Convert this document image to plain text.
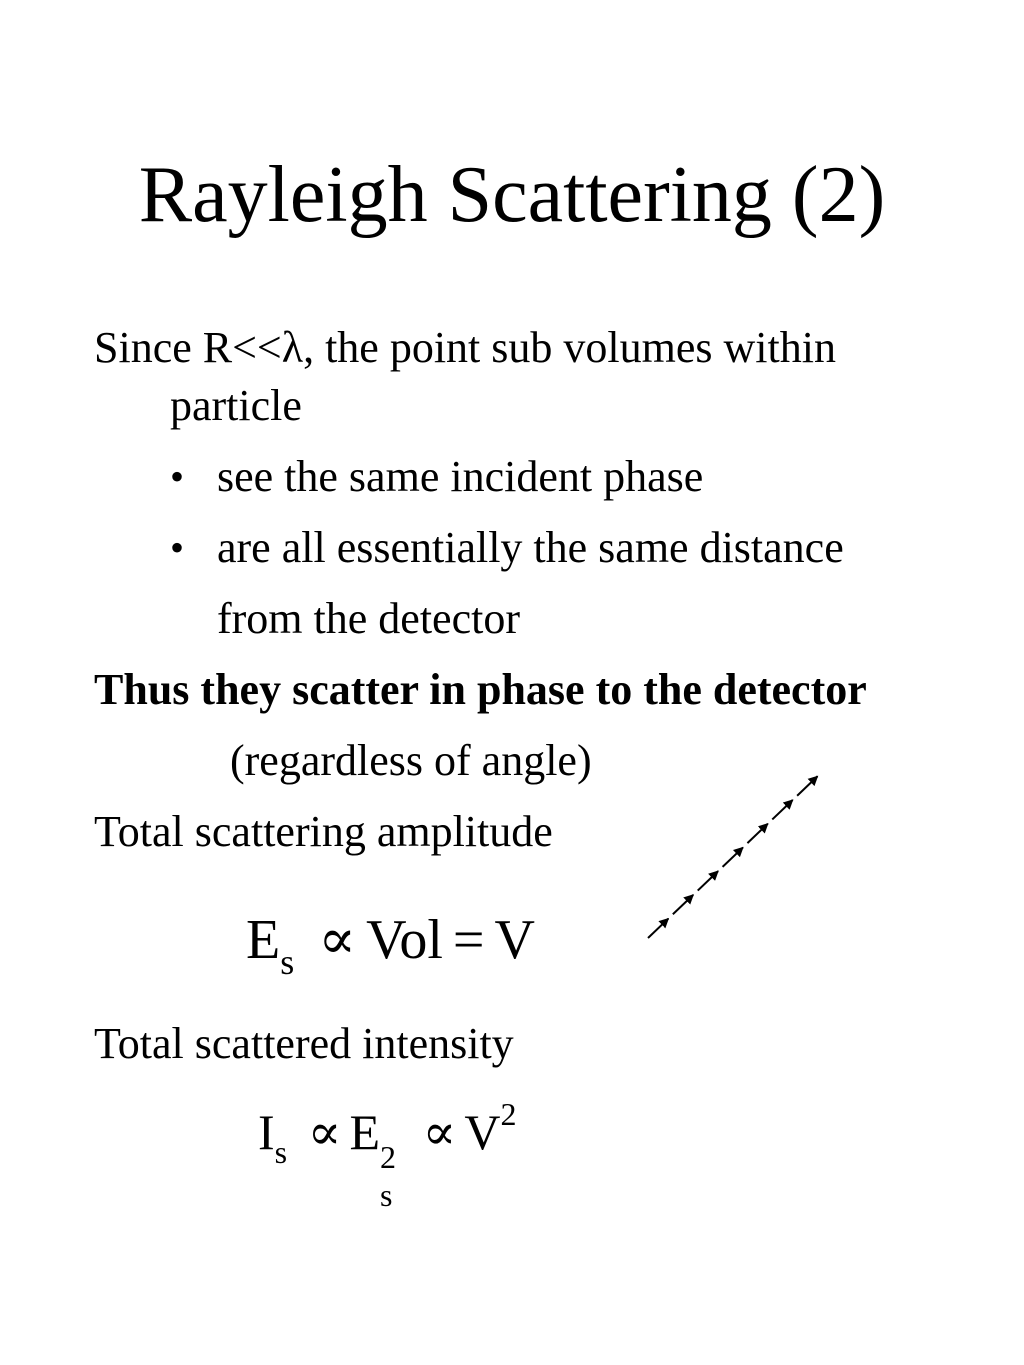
Rayleigh Scattering (2)
Since R<<λ, the point sub volumes within
particle
• see the same incident phase
• are all essentially the same distance
from the detector
Thus they scatter in phase to the detector
(regardless of angle)
Total scattering amplitude
$E_s$ ∝ Vol = V
Total scattered intensity
$I_s \propto E$ 2
s
∝ $V^2$
